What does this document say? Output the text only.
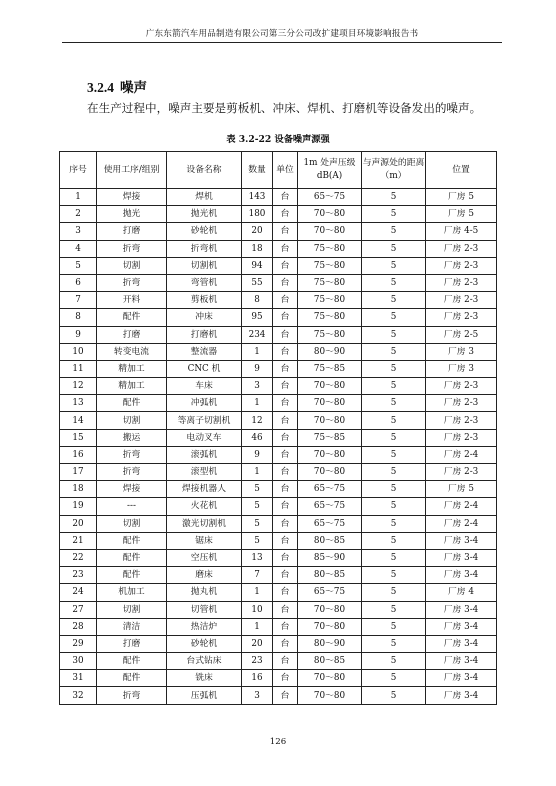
广东东箭汽车用品制造有限公司第三分公司改扩建项目环境影响报告书
3.2.4 噪声
在生产过程中，噪声主要是剪板机、冲床、焊机、打磨机等设备发出的噪声。
表 3.2-22 设备噪声源强
序号	使用工序/组别	设备名称	数量	单位	1m 处声压级 dB(A)	与声源处的距离（m）	位置
1	焊接	焊机	143	台	65～75	5	厂房 5
2	抛光	抛光机	180	台	70～80	5	厂房 5
3	打磨	砂轮机	20	台	70～80	5	厂房 4-5
4	折弯	折弯机	18	台	75～80	5	厂房 2-3
5	切割	切割机	94	台	75～80	5	厂房 2-3
6	折弯	弯管机	55	台	75～80	5	厂房 2-3
7	开料	剪板机	8	台	75～80	5	厂房 2-3
8	配件	冲床	95	台	75～80	5	厂房 2-3
9	打磨	打磨机	234	台	75～80	5	厂房 2-5
10	转变电流	整流器	1	台	80～90	5	厂房 3
11	精加工	CNC 机	9	台	75～85	5	厂房 3
12	精加工	车床	3	台	70～80	5	厂房 2-3
13	配件	冲弧机	1	台	70～80	5	厂房 2-3
14	切割	等离子切割机	12	台	70～80	5	厂房 2-3
15	搬运	电动叉车	46	台	75～85	5	厂房 2-3
16	折弯	滚弧机	9	台	70～80	5	厂房 2-4
17	折弯	滚型机	1	台	70～80	5	厂房 2-3
18	焊接	焊接机器人	5	台	65～75	5	厂房 5
19	---	火花机	5	台	65～75	5	厂房 2-4
20	切割	激光切割机	5	台	65～75	5	厂房 2-4
21	配件	锯床	5	台	80～85	5	厂房 3-4
22	配件	空压机	13	台	85～90	5	厂房 3-4
23	配件	磨床	7	台	80～85	5	厂房 3-4
24	机加工	抛丸机	1	台	65～75	5	厂房 4
27	切割	切管机	10	台	70～80	5	厂房 3-4
28	清洁	热洁炉	1	台	70～80	5	厂房 3-4
29	打磨	砂轮机	20	台	80～90	5	厂房 3-4
30	配件	台式钻床	23	台	80～85	5	厂房 3-4
31	配件	铣床	16	台	70～80	5	厂房 3-4
32	折弯	压弧机	3	台	70～80	5	厂房 3-4
126
